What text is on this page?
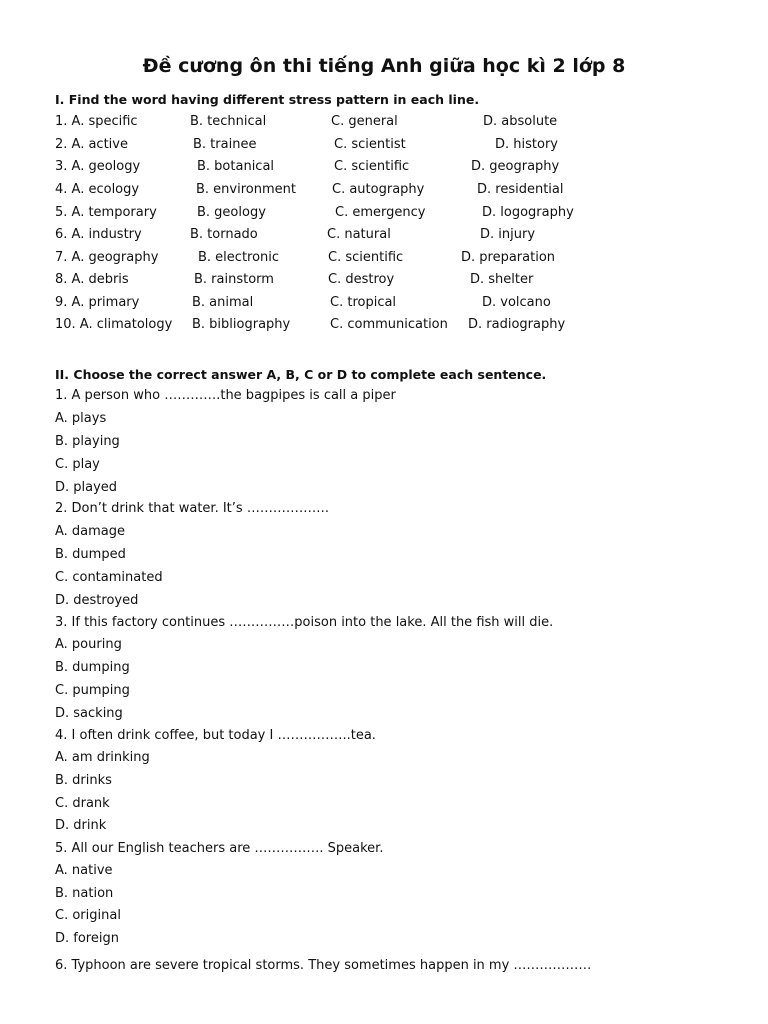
Đề cương ôn thi tiếng Anh giữa học kì 2 lớp 8
I. Find the word having different stress pattern in each line.
1. A. specific	B. technical	C. general	D. absolute
2. A. active	B. trainee	C. scientist	D. history
3. A. geology	B. botanical	C. scientific	D. geography
4. A. ecology	B. environment	C. autography	D. residential
5. A. temporary	B. geology	C. emergency	D. logography
6. A. industry	B. tornado	C. natural	D. injury
7. A. geography	B. electronic	C. scientific	D. preparation
8. A. debris	B. rainstorm	C. destroy	D. shelter
9. A. primary	B. animal	C. tropical	D. volcano
10. A. climatology B. bibliography	C. communication D. radiography
II. Choose the correct answer A, B, C or D to complete each sentence.
1. A person who ………….the bagpipes is call a piper
A. plays
B. playing
C. play
D. played
2. Don’t drink that water. It’s ……………….
A. damage
B. dumped
C. contaminated
D. destroyed
3. If this factory continues ……………poison into the lake. All the fish will die.
A. pouring
B. dumping
C. pumping
D. sacking
4. I often drink coffee, but today I ……………..tea.
A. am drinking
B. drinks
C. drank
D. drink
5. All our English teachers are ……………. Speaker.
A. native
B. nation
C. original
D. foreign
6. Typhoon are severe tropical storms. They sometimes happen in my ………………
